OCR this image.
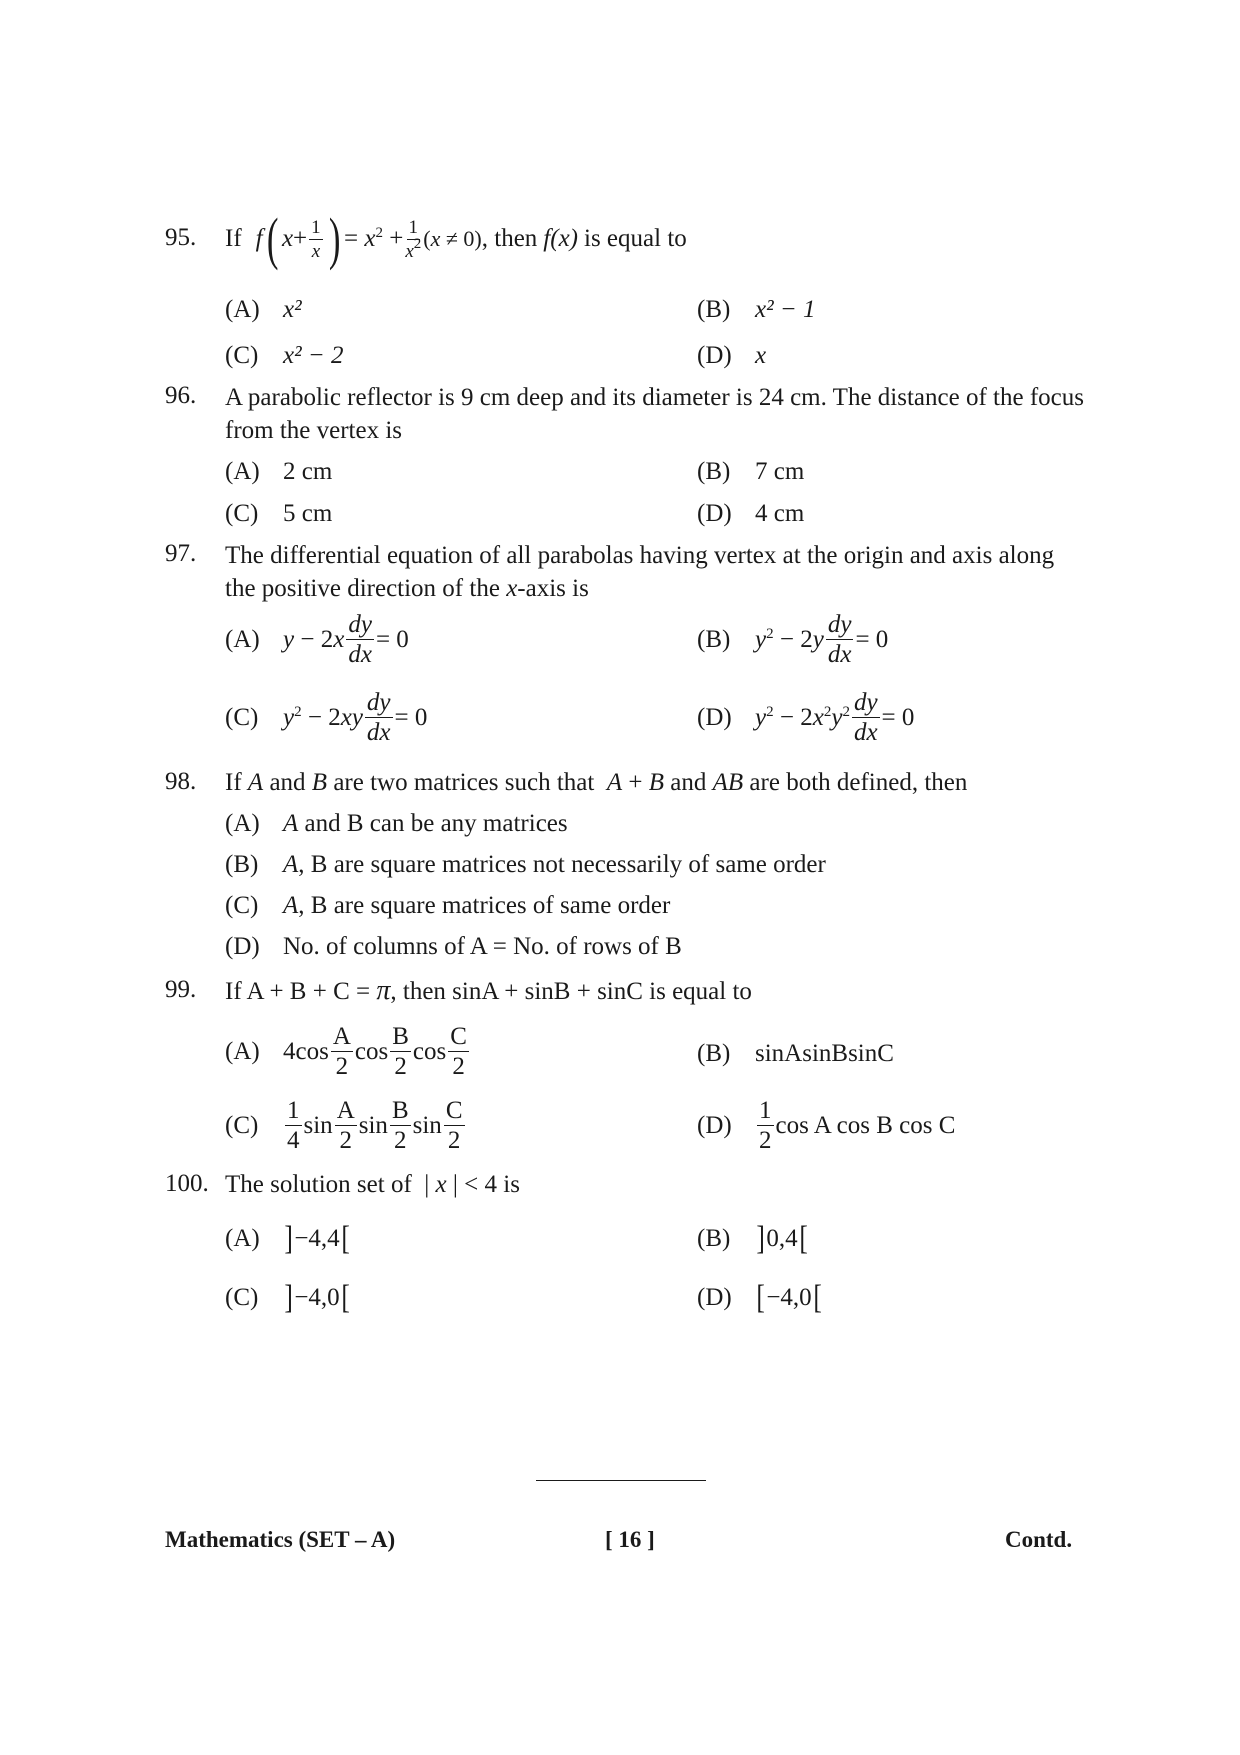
95. If f ( $x+ \frac{1}{x}$ ) = $x^2 + \frac{1}{x^2} (x \ne 0)$ , then f(x) is equal to
(A) x²	(B) x² − 1
(C) x² − 2	(D) x
96. A parabolic reflector is 9 cm deep and its diameter is 24 cm. The distance of the focus from the vertex is
(A) 2 cm	(B) 7 cm
(C) 5 cm	(D) 4 cm
97. The differential equation of all parabolas having vertex at the origin and axis along the positive direction of the x-axis is
(A) $y - 2x \frac{dy}{dx} = 0$	(B) $y^2 - 2y \frac{dy}{dx} = 0$
(C) $y^2 - 2xy \frac{dy}{dx} = 0$	(D) $y^2 - 2x^2y^2 \frac{dy}{dx} = 0$
98. If A and B are two matrices such that A + B and AB are both defined, then
(A) A
and B can be any matrices
(B) A , B are square matrices not necessarily of same order
(C) A , B are square matrices of same order
(D) No. of columns of A = No. of rows of B
99. If A + B + C = π, then sinA + sinB + sinC is equal to
(A) $4\cos \frac{A}{2}$ $\cos \frac{B}{2}$ $\cos \frac{C}{2}$	(B) sinAsinBsinC
(C)	$\frac{1}{4}$ $\sin \frac{A}{2}$ $\sin \frac{B}{2}$ $\sin \frac{C}{2}$	(D)	$\frac{1}{2}$ cos A cos B cos C
100. The solution set of  | x | < 4 is
(A) ] −4,4 [	(B) ] 0,4 [
(C) ] −4,0 [	(D) [ −4,0 [
Mathematics (SET – A)	[ 16 ]	Contd.
